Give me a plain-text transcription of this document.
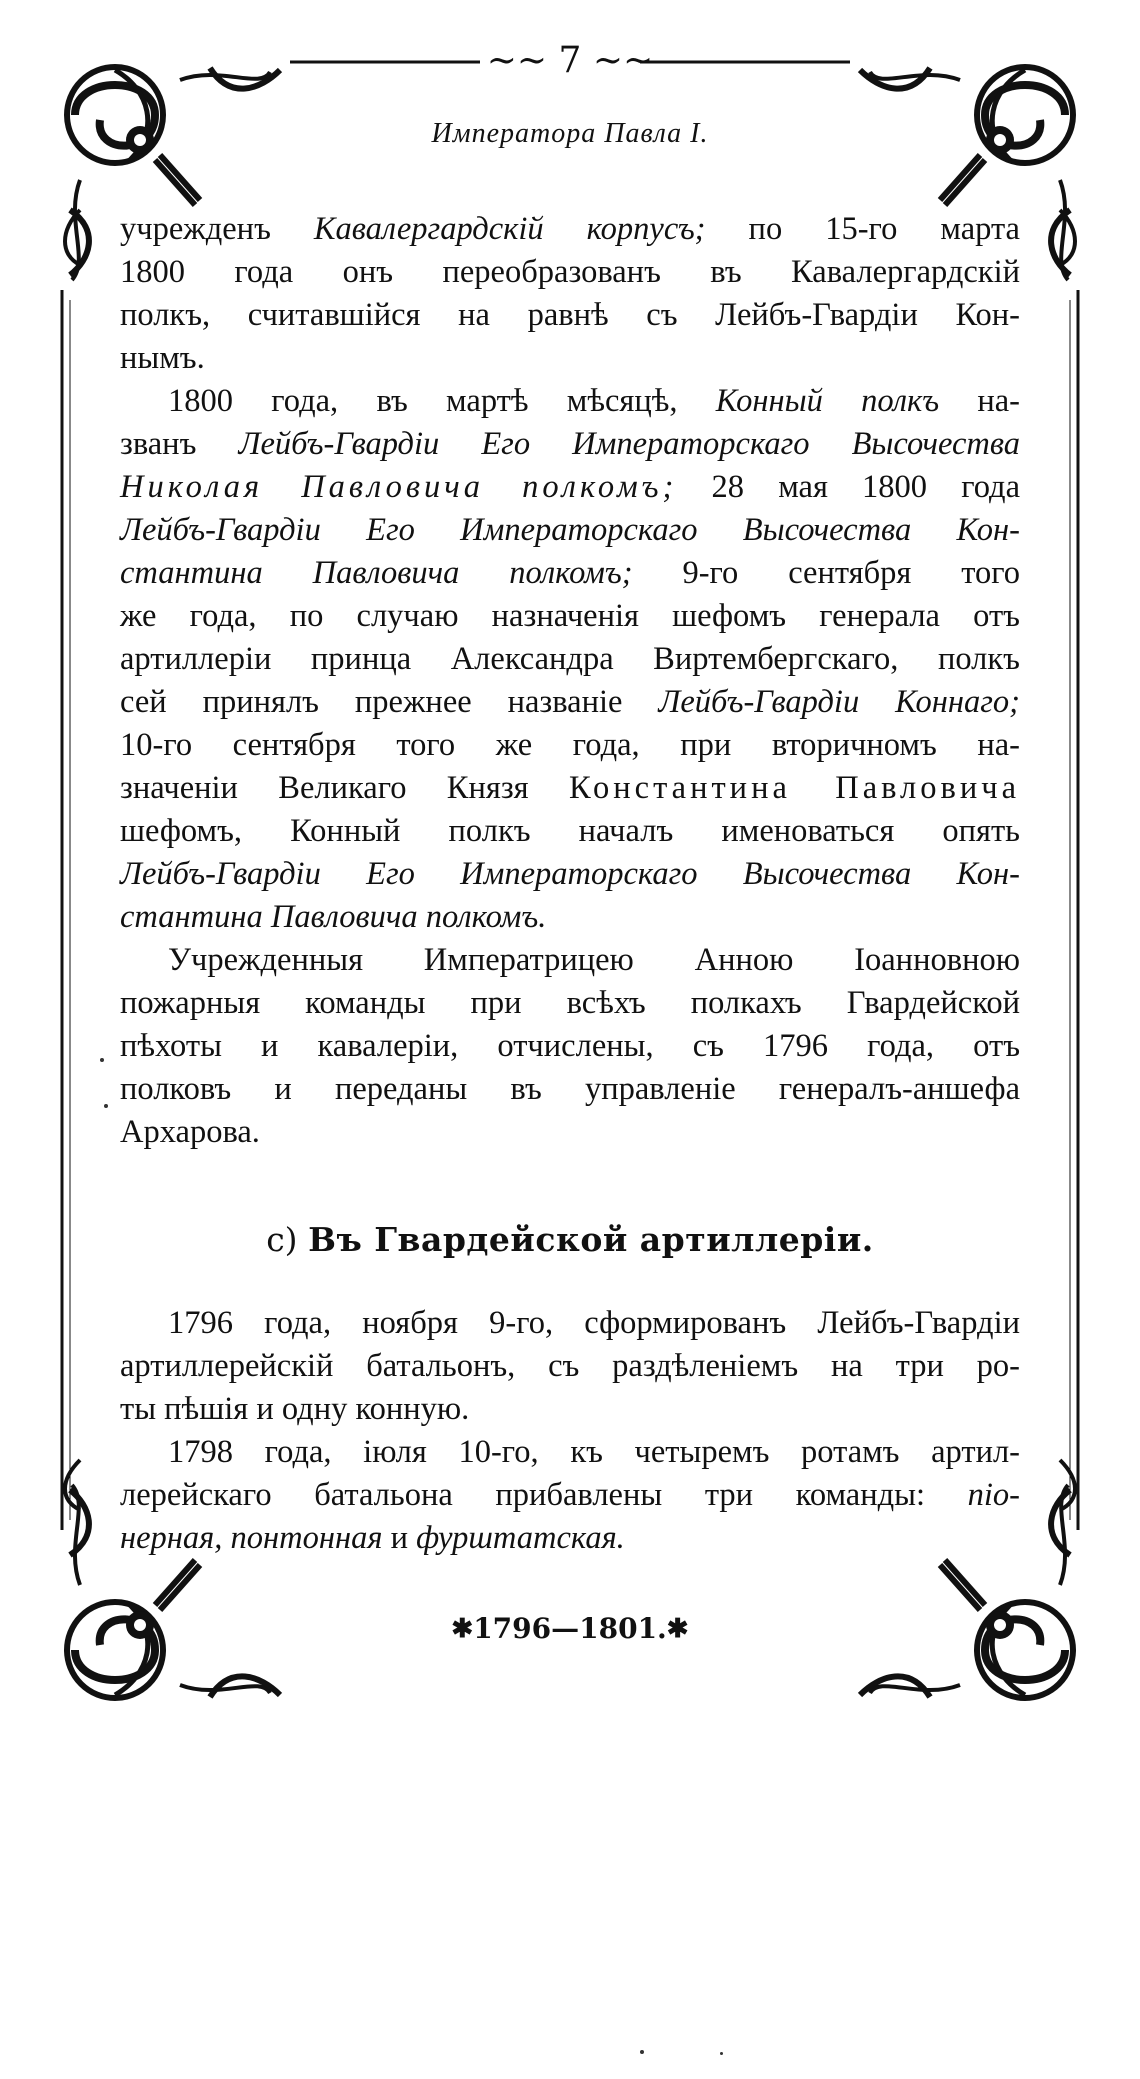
~~ 7 ~~
Императора Павла I.
учрежденъ Кавалергардскiй корпусъ; по 15-го марта
1800 года онъ переобразованъ въ Кавалергардскiй
полкъ, считавшiйся на равнѣ съ Лейбъ-Гвардiи Кон-
нымъ.
1800 года, въ мартѣ мѣсяцѣ, Конный полкъ на-
званъ Лейбъ-Гвардiи Его Императорскаго Высочества
Николая Павловича полкомъ; 28 мая 1800 года
Лейбъ-Гвардiи Его Императорскаго Высочества Кон-
стантина Павловича полкомъ; 9-го сентября того
же года, по случаю назначенiя шефомъ генерала отъ
артиллерiи принца Александра Виртембергскаго, полкъ
сей принялъ прежнее названiе Лейбъ-Гвардiи Коннаго;
10-го сентября того же года, при вторичномъ на-
значенiи Великаго Князя Константина Павловича
шефомъ, Конный полкъ началъ именоваться опять
Лейбъ-Гвардiи Его Императорскаго Высочества Кон-
стантина Павловича полкомъ.
Учрежденныя Императрицею Анною Iоанновною
пожарныя команды при всѣхъ полкахъ Гвардейской
пѣхоты и кавалерiи, отчислены, съ 1796 года, отъ
полковъ и переданы въ управленiе генералъ-аншефа
Архарова.
c) Въ Гвардейской артиллерiи.
1796 года, ноября 9-го, сформированъ Лейбъ-Гвардiи
артиллерейскiй батальонъ, съ раздѣленiемъ на три ро-
ты пѣшiя и одну конную.
1798 года, iюля 10-го, къ четыремъ ротамъ артил-
лерейскаго батальона прибавлены три команды: пio-
нерная, понтонная и фурштатская.
✱1796—1801.✱
